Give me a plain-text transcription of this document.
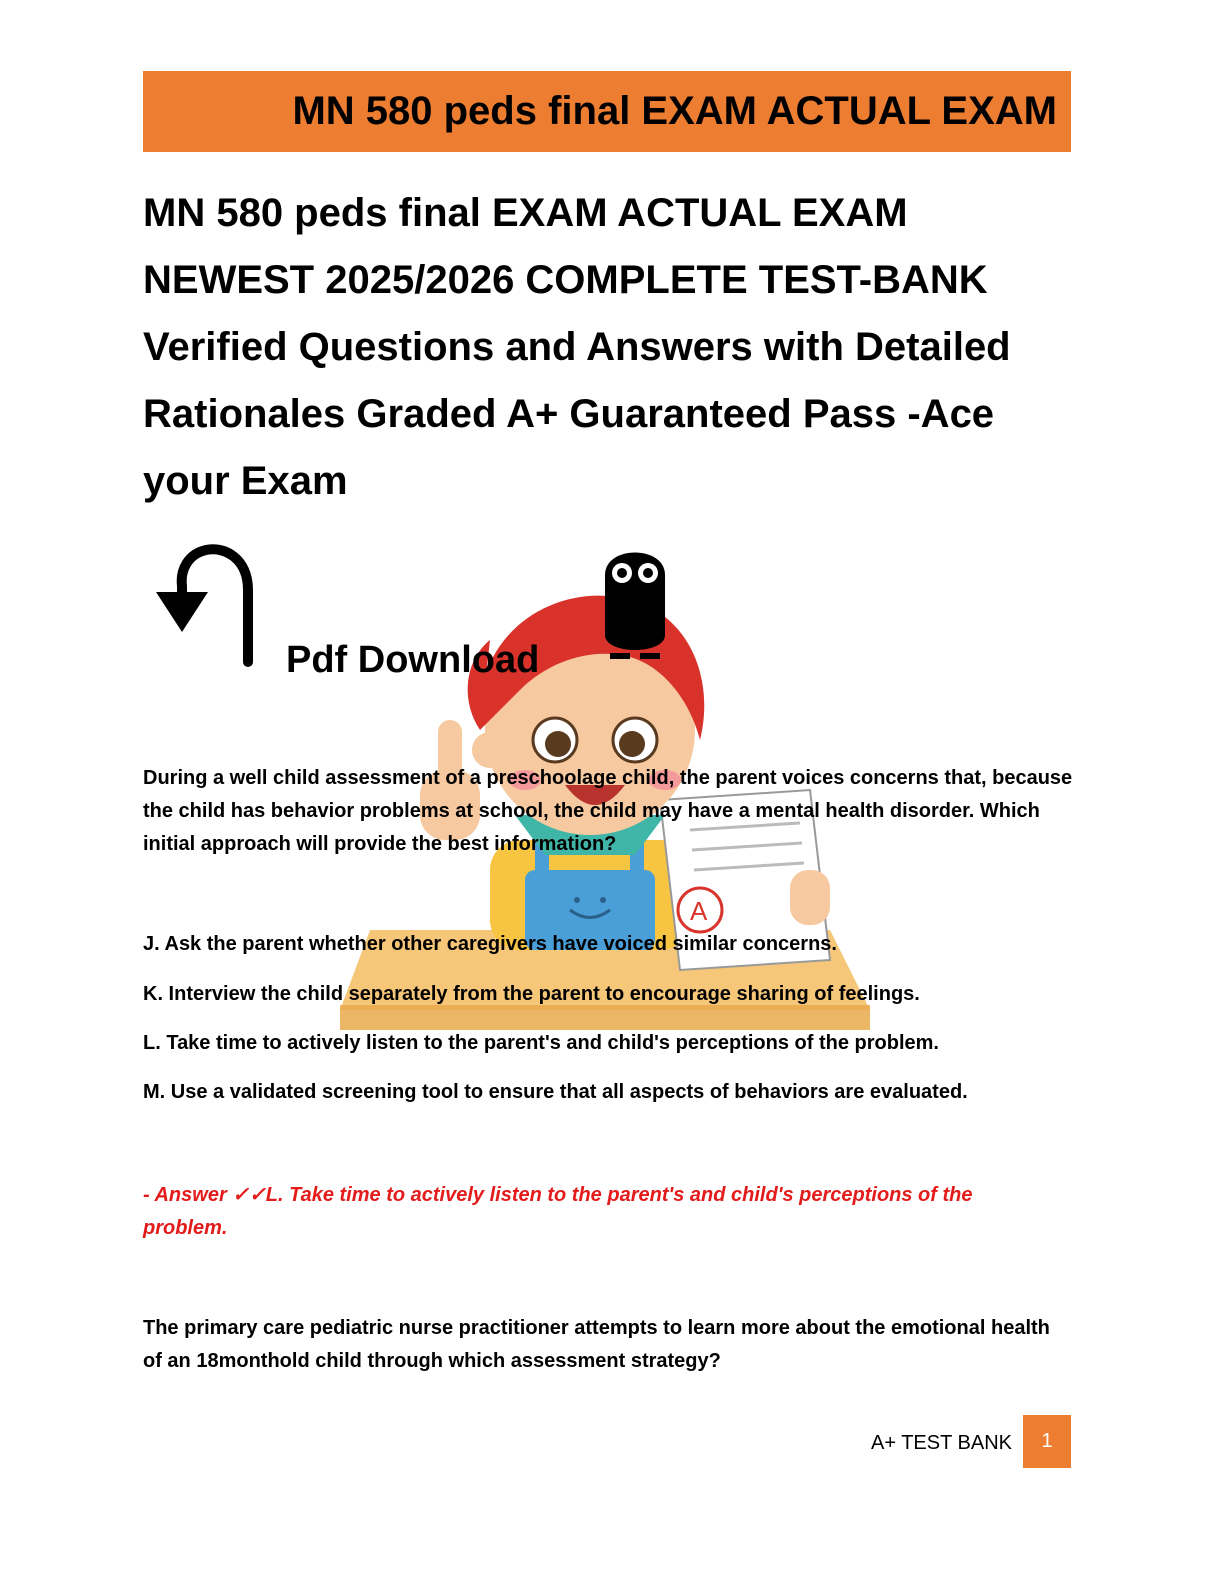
MN 580 peds final EXAM ACTUAL EXAM
MN 580 peds final EXAM ACTUAL EXAM NEWEST 2025/2026 COMPLETE TEST-BANK Verified Questions and Answers with Detailed Rationales Graded A+ Guaranteed Pass -Ace your Exam
A
Pdf Download
During a well child assessment of a preschoolage child, the parent voices concerns that, because the child has behavior problems at school, the child may have a mental health disorder. Which initial approach will provide the best information?
J. Ask the parent whether other caregivers have voiced similar concerns.
K. Interview the child separately from the parent to encourage sharing of feelings.
L. Take time to actively listen to the parent's and child's perceptions of the problem.
M. Use a validated screening tool to ensure that all aspects of behaviors are evaluated.
- Answer ✓✓L. Take time to actively listen to the parent's and child's perceptions of the problem.
The primary care pediatric nurse practitioner attempts to learn more about the emotional health of an 18monthold child through which assessment strategy?
A+ TEST BANK	1
